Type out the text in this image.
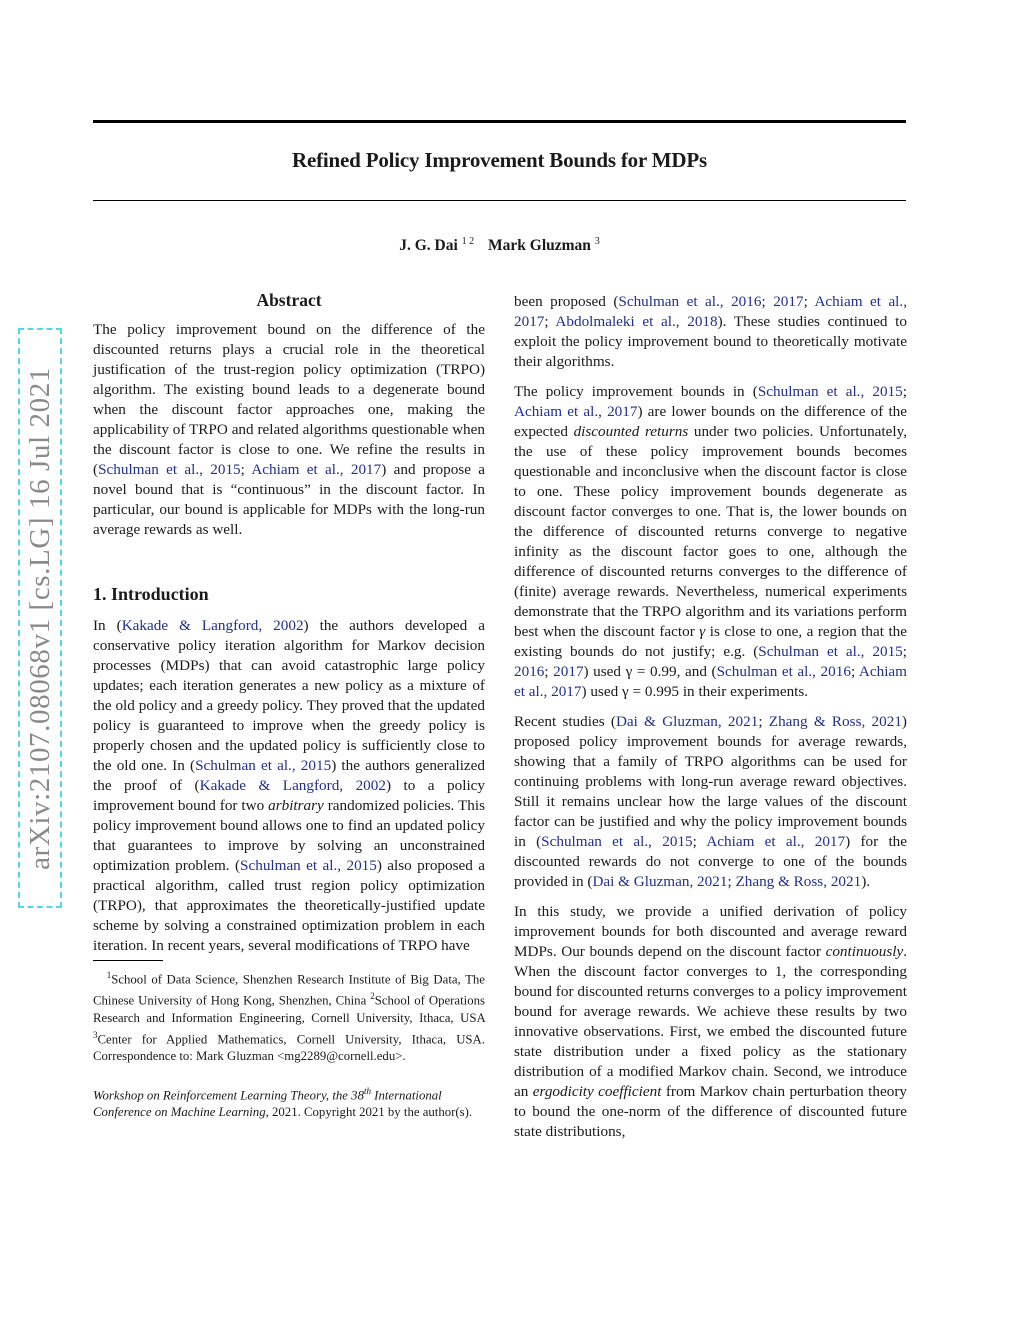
Refined Policy Improvement Bounds for MDPs
J. G. Dai $^{1 2}$ Mark Gluzman $^3$
arXiv:2107.08068v1 [cs.LG] 16 Jul 2021

Abstract

The policy improvement bound on the difference of the discounted returns plays a crucial role in the theoretical justification of the trust-region policy optimization (TRPO) algorithm. The existing bound leads to a degenerate bound when the discount factor approaches one, making the applicability of TRPO and related algorithms questionable when the discount factor is close to one. We refine the results in (Schulman et al., 2015; Achiam et al., 2017) and propose a novel bound that is “continuous” in the discount factor. In particular, our bound is applicable for MDPs with the long-run average rewards as well.

1. Introduction

In (Kakade & Langford, 2002) the authors developed a conservative policy iteration algorithm for Markov decision processes (MDPs) that can avoid catastrophic large policy updates; each iteration generates a new policy as a mixture of the old policy and a greedy policy. They proved that the updated policy is guaranteed to improve when the greedy policy is properly chosen and the updated policy is sufficiently close to the old one. In (Schulman et al., 2015) the authors generalized the proof of (Kakade & Langford, 2002) to a policy improvement bound for two arbitrary randomized policies. This policy improvement bound allows one to find an updated policy that guarantees to improve by solving an unconstrained optimization problem. (Schulman et al., 2015) also proposed a practical algorithm, called trust region policy optimization (TRPO), that approximates the theoretically-justified update scheme by solving a constrained optimization problem in each iteration. In recent years, several modifications of TRPO have

$^1$School of Data Science, Shenzhen Research Institute of Big Data, The Chinese University of Hong Kong, Shenzhen, China $^2$School of Operations Research and Information Engineering, Cornell University, Ithaca, USA $^3$Center for Applied Mathematics, Cornell University, Ithaca, USA. Correspondence to: Mark Gluzman <mg2289@cornell.edu>.

Workshop on Reinforcement Learning Theory, the 38th International Conference on Machine Learning, 2021. Copyright 2021 by the author(s).

been proposed (Schulman et al., 2016; 2017; Achiam et al., 2017; Abdolmaleki et al., 2018). These studies continued to exploit the policy improvement bound to theoretically motivate their algorithms.

The policy improvement bounds in (Schulman et al., 2015; Achiam et al., 2017) are lower bounds on the difference of the expected discounted returns under two policies. Unfortunately, the use of these policy improvement bounds becomes questionable and inconclusive when the discount factor is close to one. These policy improvement bounds degenerate as discount factor converges to one. That is, the lower bounds on the difference of discounted returns converge to negative infinity as the discount factor goes to one, although the difference of discounted returns converges to the difference of (finite) average rewards. Nevertheless, numerical experiments demonstrate that the TRPO algorithm and its variations perform best when the discount factor γ is close to one, a region that the existing bounds do not justify; e.g. (Schulman et al., 2015; 2016; 2017) used γ = 0.99, and (Schulman et al., 2016; Achiam et al., 2017) used γ = 0.995 in their experiments.

Recent studies (Dai & Gluzman, 2021; Zhang & Ross, 2021) proposed policy improvement bounds for average rewards, showing that a family of TRPO algorithms can be used for continuing problems with long-run average reward objectives. Still it remains unclear how the large values of the discount factor can be justified and why the policy improvement bounds in (Schulman et al., 2015; Achiam et al., 2017) for the discounted rewards do not converge to one of the bounds provided in (Dai & Gluzman, 2021; Zhang & Ross, 2021).

In this study, we provide a unified derivation of policy improvement bounds for both discounted and average reward MDPs. Our bounds depend on the discount factor continuously. When the discount factor converges to 1, the corresponding bound for discounted returns converges to a policy improvement bound for average rewards. We achieve these results by two innovative observations. First, we embed the discounted future state distribution under a fixed policy as the stationary distribution of a modified Markov chain. Second, we introduce an ergodicity coefficient from Markov chain perturbation theory to bound the one-norm of the difference of discounted future state distributions,
